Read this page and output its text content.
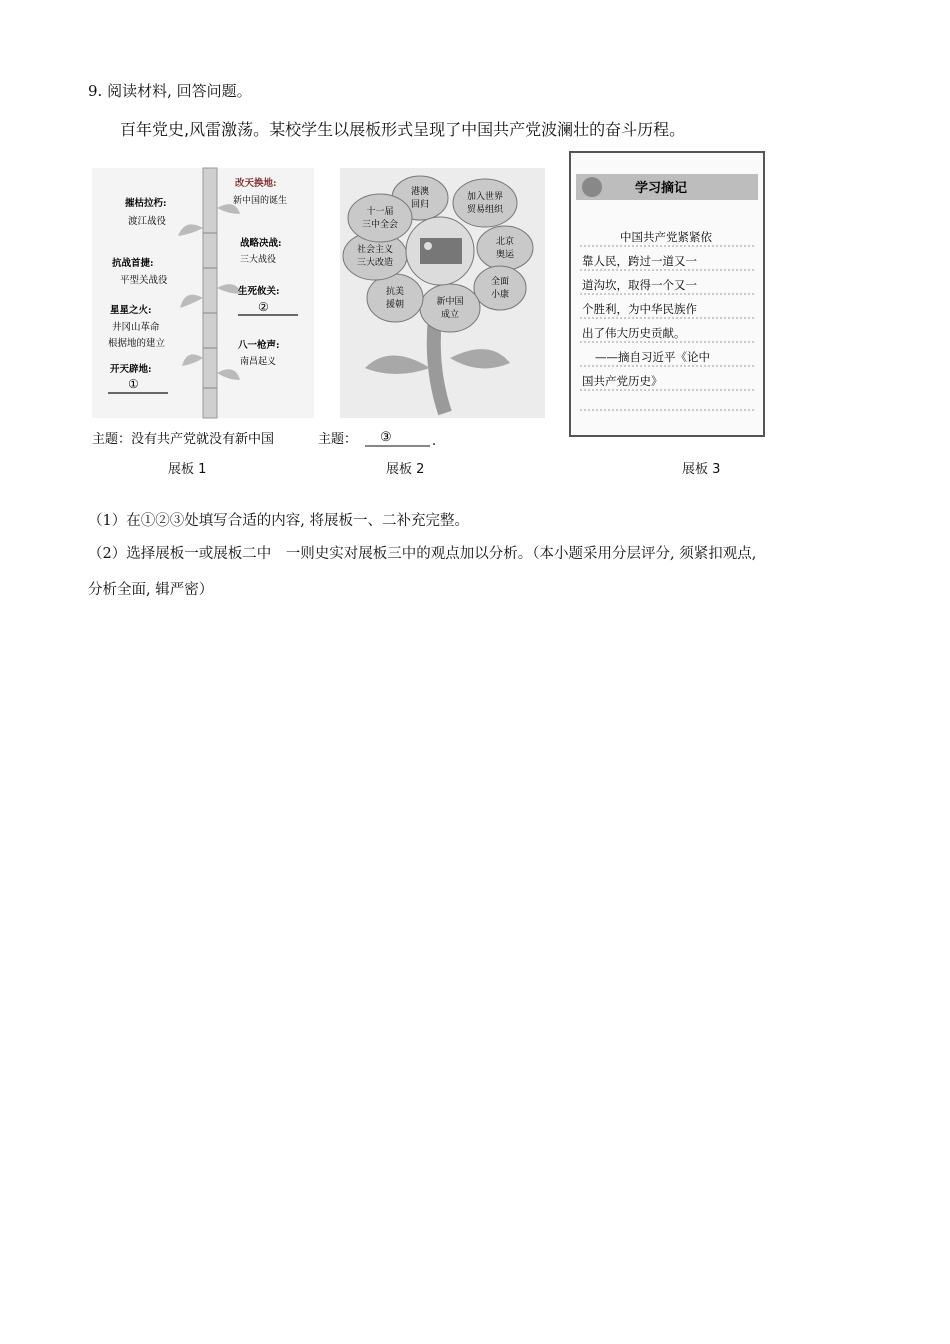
9. 阅读材料, 回答问题。
百年党史,风雷激荡。某校学生以展板形式呈现了中国共产党波澜壮的奋斗历程。
摧枯拉朽:
渡江战役
抗战首捷:
平型关战役
星星之火:
井冈山革命
根据地的建立
开天辟地:
①
改天换地:
新中国的诞生
战略决战:
三大战役
生死攸关:
②
八一枪声:
南昌起义
主题：没有共产党就没有新中国
港澳
回归
加入世界
贸易组织
北京
奥运
全面
小康
新中国
成立
抗美
援朝
社会主义
三大改造
十一届
三中全会
主题： ③	.
学习摘记
中国共产党紧紧依
靠人民，跨过一道又一
道沟坎，取得一个又一
个胜利，为中华民族作
出了伟大历史贡献。
——摘自习近平《论中
国共产党历史》
展板 1	展板 2	展板 3
（1）在①②③处填写合适的内容, 将展板一、二补充完整。
（2）选择展板一或展板二中　一则史实对展板三中的观点加以分析。（本小题采用分层评分, 须紧扣观点,
分析全面, 辑严密）
